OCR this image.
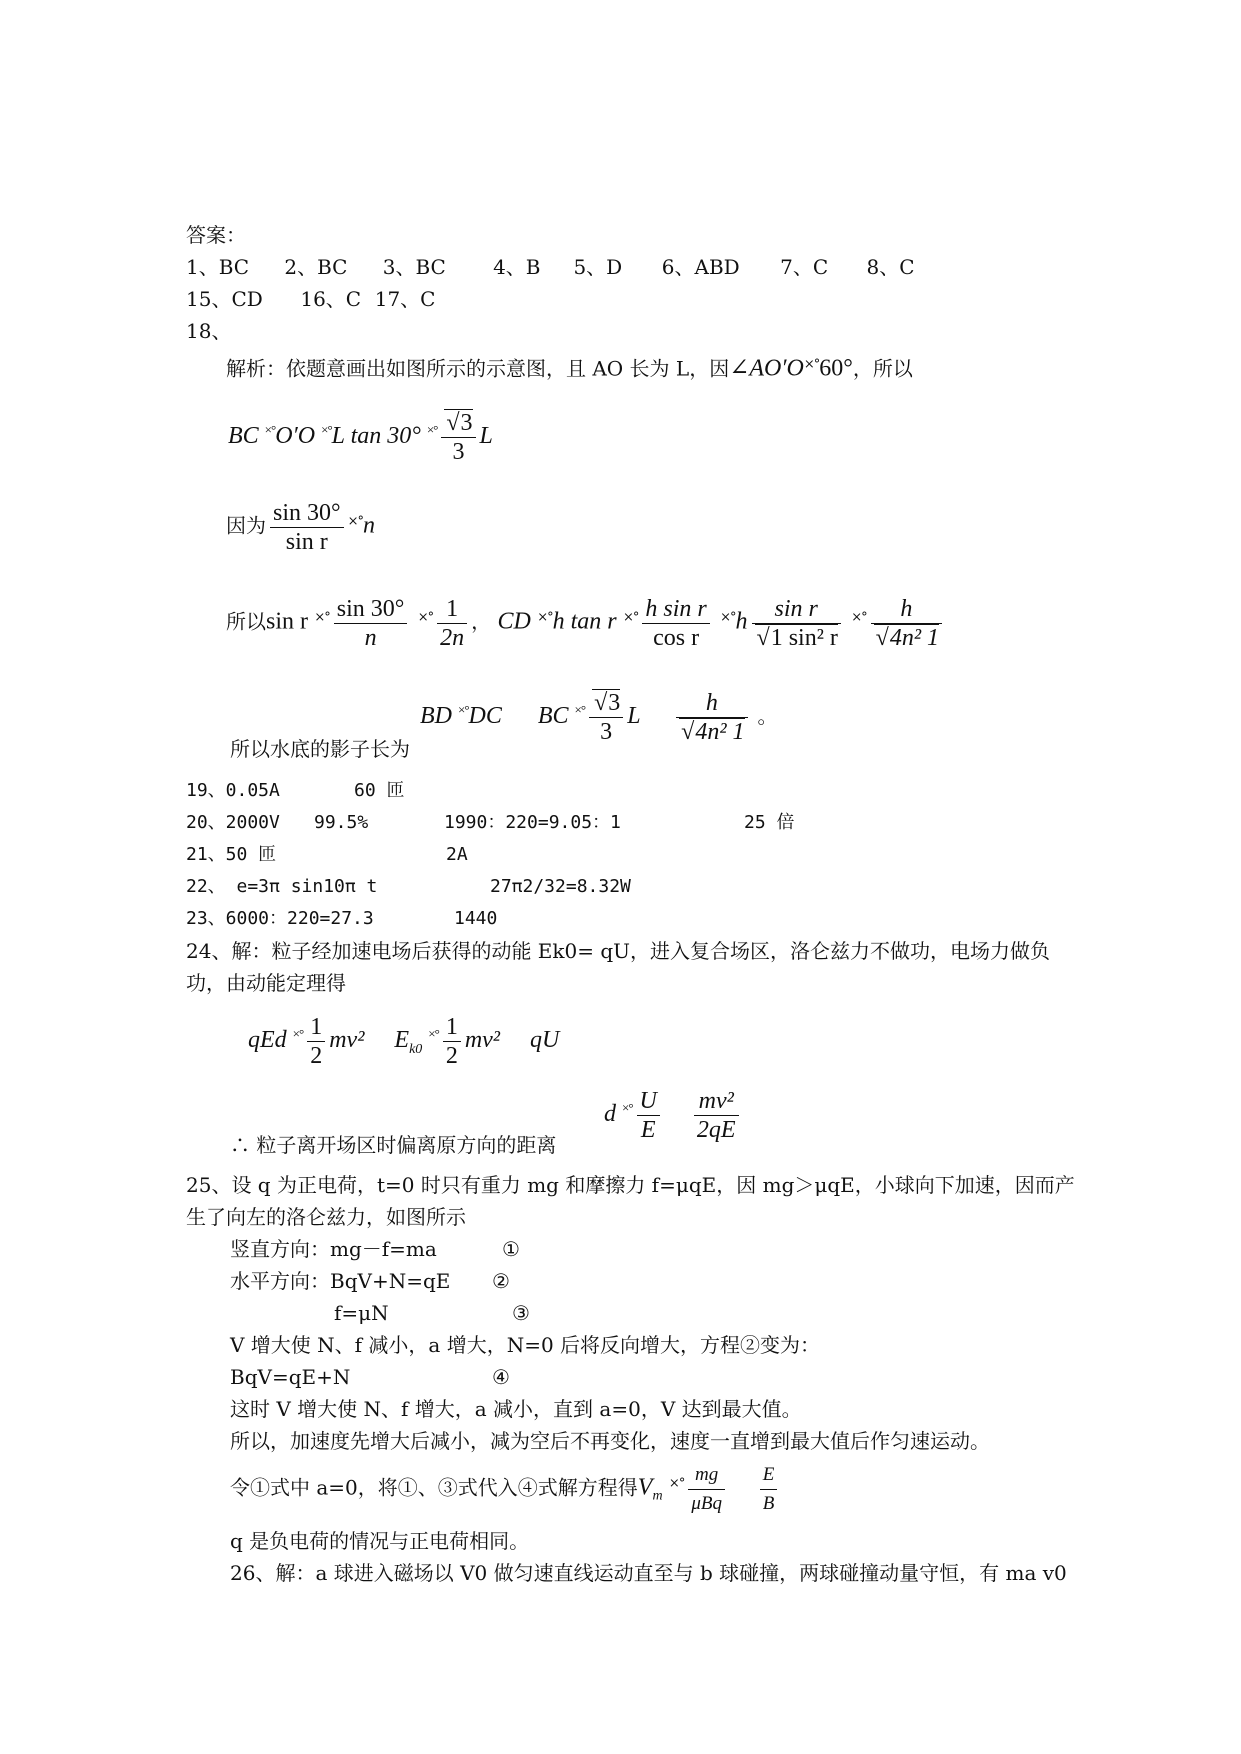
答案：
1、BC 2、BC 3、BC 4、B 5、D 6、ABD 7、C 8、C
15、CD 16、C 17、C
18、
解析：依题意画出如图所示的示意图，且 AO 长为 L，因∠AO′O×°60°，所以
BC ×°O′O ×°L tan 30° ×° √ $\frac{3}{3}$ L
因为 $\frac{\sin 30^\circ}{\text{sin r}} ^{\times^\circ}n$
所以sin r $^{\times^\circ} \frac{\sin 30^\circ}{n} ^{\times^\circ} \frac{1}{2n}$ ， CD ×°h tan r $^{\times^\circ} \frac{\text{h sin r}}{\text{cos r}} ^{\times^\circ}h$ sin r
√ 1 sin² r ×° h
√ 4n² 1
BD ×°DC BC ×° √ $\frac{3}{3}$ L h
√ 4n² 1 。
所以水底的影子长为
19、0.05A	60 匝
20、2000V 99.5%	1990：220=9.05：1	25 倍
21、50 匝	2A
22、 e=3π sin10π t	27π2/32=8.32W
23、6000：220=27.3	1440
24、解：粒子经加速电场后获得的动能 Ek0= qU，进入复合场区，洛仑兹力不做功，电场力做负
功，由动能定理得
qEd $^{\times^\circ} \frac{1}{2} mv^2$ $E_{k0}$ $^{\times^\circ} \frac{1}{2} mv^2$ qU
d $^{\times^\circ} \frac{U}{E}$
$\frac{\text{mv²}}{2qE}$
∴ 粒子离开场区时偏离原方向的距离
25、设 q 为正电荷，t=0 时只有重力 mg 和摩擦力 f=μqE，因 mg＞μqE，小球向下加速，因而产
生了向左的洛仑兹力，如图所示
竖直方向：mg－f=ma	①
水平方向：BqV+N=qE ②
f=μN	③
V 增大使 N、f 减小，a 增大，N=0 后将反向增大，方程②变为：
BqV=qE+N	④
这时 V 增大使 N、f 增大，a 减小，直到 a=0，V 达到最大值。
所以，加速度先增大后减小，减为空后不再变化，速度一直增到最大值后作匀速运动。
令①式中 a=0，将①、③式代入④式解方程得$V_m$ $^{\times^\circ} \frac{mg}{\text{μBq}}$
$\frac{E}{B}$
q 是负电荷的情况与正电荷相同。
26、解：a 球进入磁场以 V0 做匀速直线运动直至与 b 球碰撞，两球碰撞动量守恒，有 ma v0
